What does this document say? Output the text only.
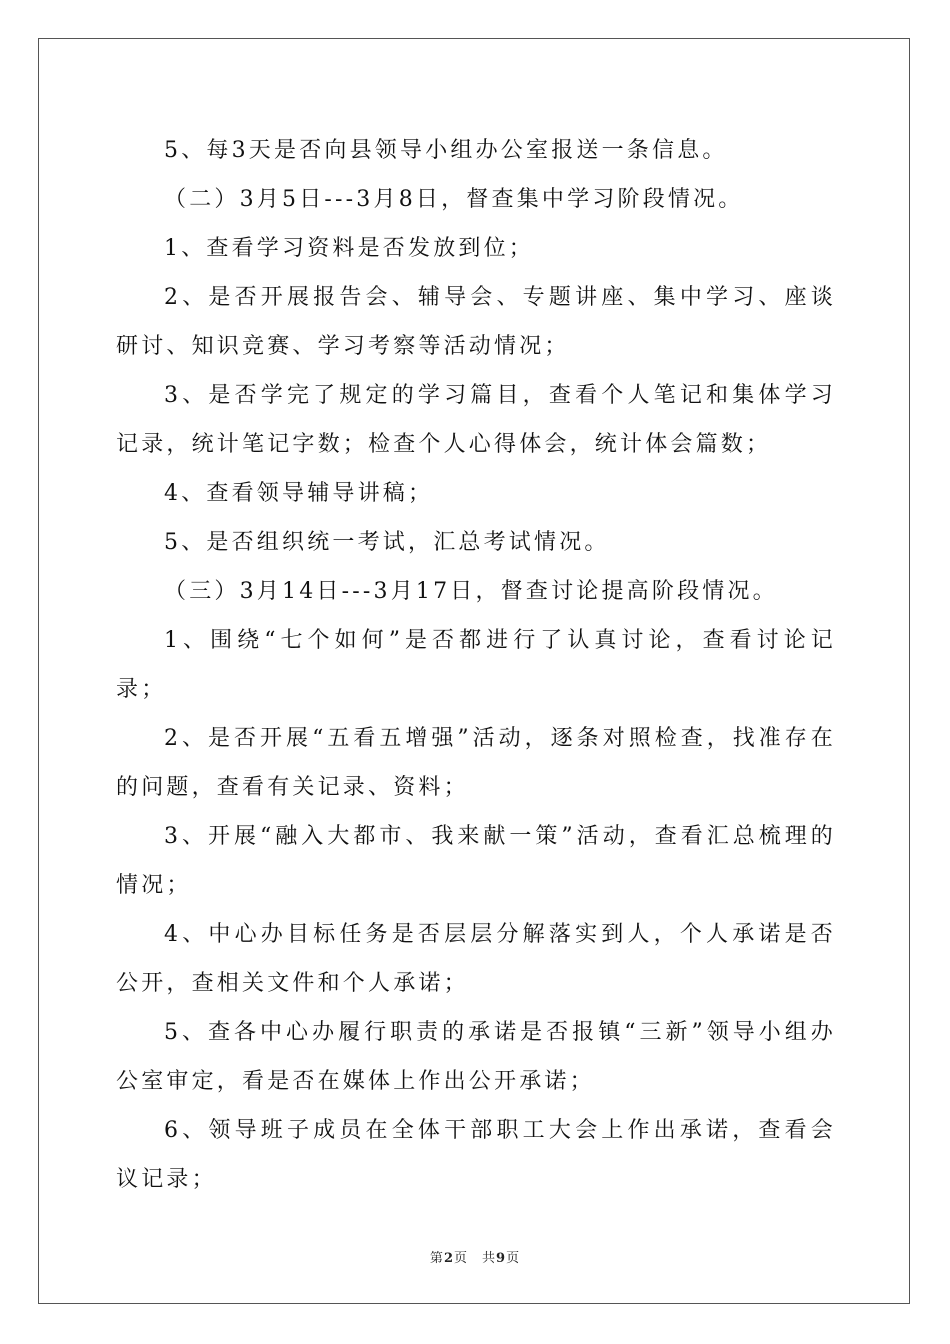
5、每3天是否向县领导小组办公室报送一条信息。

（二）3月5日---3月8日，督查集中学习阶段情况。

1、查看学习资料是否发放到位；

2、是否开展报告会、辅导会、专题讲座、集中学习、座谈研讨、知识竞赛、学习考察等活动情况；

3、是否学完了规定的学习篇目，查看个人笔记和集体学习记录，统计笔记字数；检查个人心得体会，统计体会篇数；

4、查看领导辅导讲稿；

5、是否组织统一考试，汇总考试情况。

（三）3月14日---3月17日，督查讨论提高阶段情况。

1、围绕“七个如何”是否都进行了认真讨论，查看讨论记录；

2、是否开展“五看五增强”活动，逐条对照检查，找准存在的问题，查看有关记录、资料；

3、开展“融入大都市、我来献一策”活动，查看汇总梳理的情况；

4、中心办目标任务是否层层分解落实到人，个人承诺是否公开，查相关文件和个人承诺；

5、查各中心办履行职责的承诺是否报镇“三新”领导小组办公室审定，看是否在媒体上作出公开承诺；

6、领导班子成员在全体干部职工大会上作出承诺，查看会议记录；

第2页 共9页
